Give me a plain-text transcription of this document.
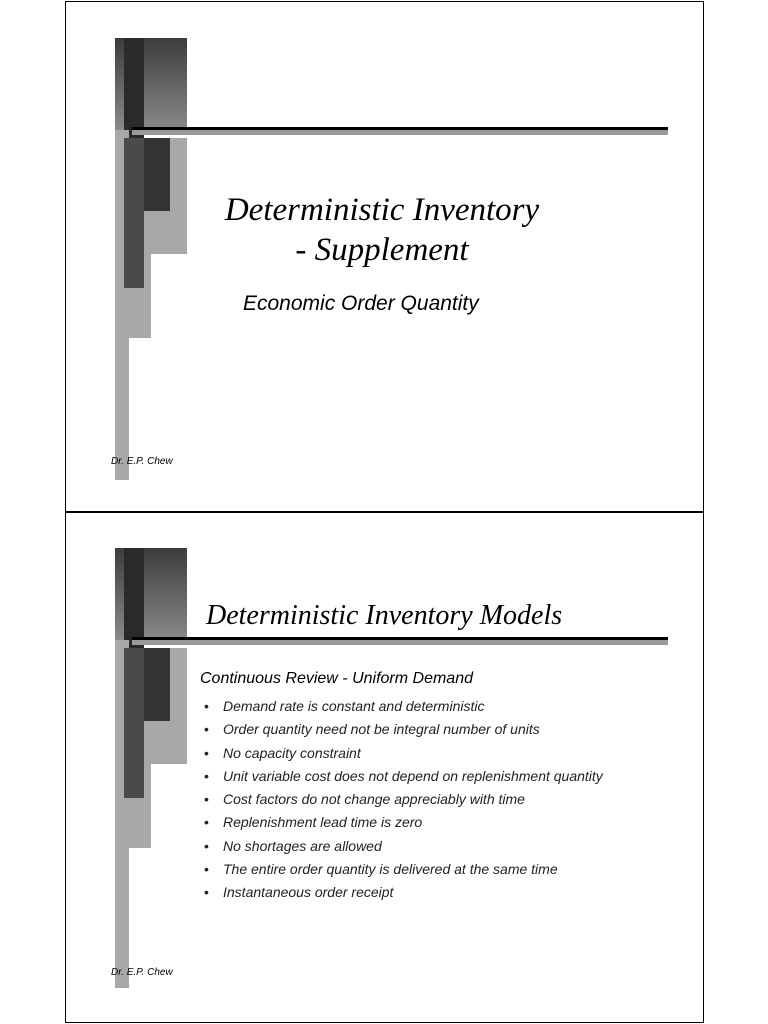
Deterministic Inventory
- Supplement
Economic Order Quantity
Dr. E.P. Chew
Deterministic Inventory Models
Continuous Review - Uniform Demand
• Demand rate is constant and deterministic
• Order quantity need not be integral number of units
• No capacity constraint
• Unit variable cost does not depend on replenishment quantity
• Cost factors do not change appreciably with time
• Replenishment lead time is zero
• No shortages are allowed
• The entire order quantity is delivered at the same time
• Instantaneous order receipt
Dr. E.P. Chew
